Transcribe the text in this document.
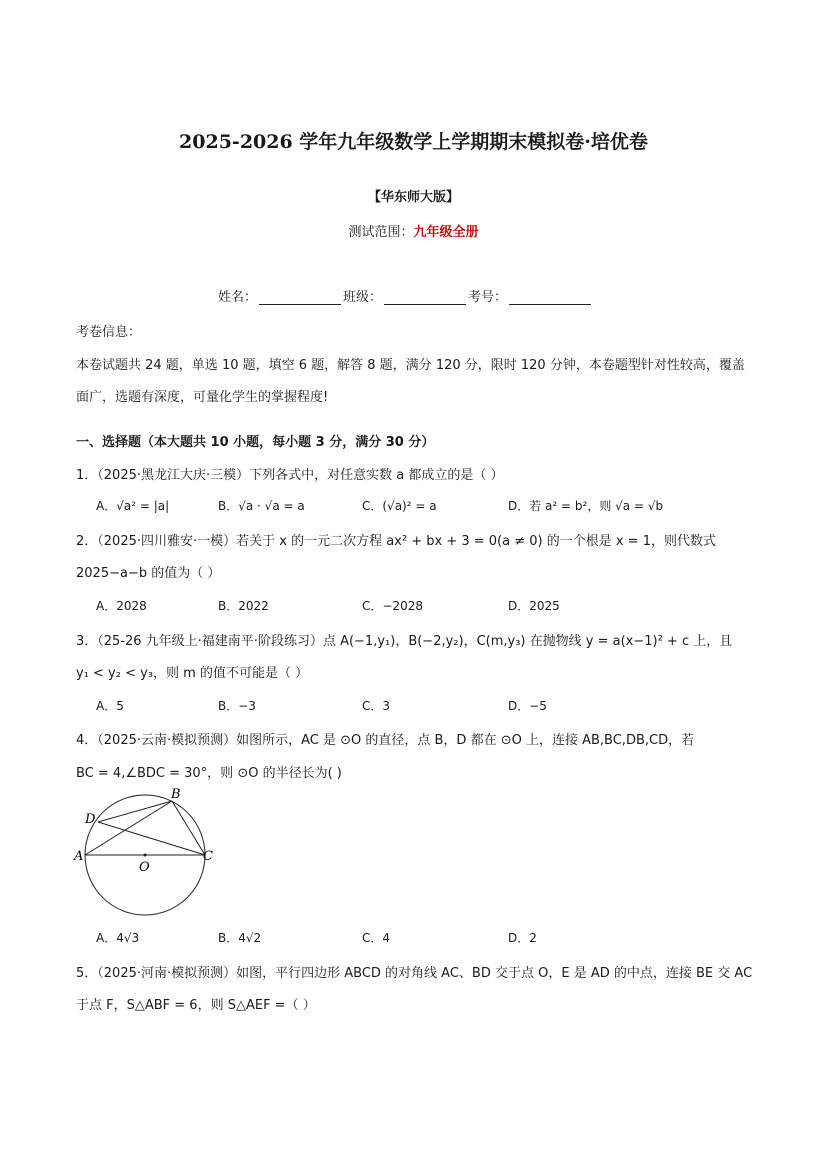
2025-2026 学年九年级数学上学期期末模拟卷·培优卷
【华东师大版】
测试范围：九年级全册
姓名：	班级：	考号：
考卷信息：
本卷试题共 24 题，单选 10 题，填空 6 题，解答 8 题，满分 120 分，限时 120 分钟，本卷题型针对性较高，覆盖
面广，选题有深度，可量化学生的掌握程度!
一、选择题（本大题共 10 小题，每小题 3 分，满分 30 分）
1．（2025·黑龙江大庆·三模）下列各式中，对任意实数 a 都成立的是（ ）
A．√a² = |a|	B．√a · √a = a	C．(√a)² = a	D．若 a² = b²，则 √a = √b
2．（2025·四川雅安·一模）若关于 x 的一元二次方程 ax² + bx + 3 = 0(a ≠ 0) 的一个根是 x = 1，则代数式
2025−a−b 的值为（ ）
A．2028	B．2022	C．−2028	D．2025
3．（25-26 九年级上·福建南平·阶段练习）点 A(−1,y₁)，B(−2,y₂)，C(m,y₃) 在抛物线 y = a(x−1)² + c 上，且
y₁ < y₂ < y₃，则 m 的值不可能是（ ）
A．5	B．−3	C．3	D．−5
4．（2025·云南·模拟预测）如图所示，AC 是 ⊙O 的直径，点 B，D 都在 ⊙O 上，连接 AB,BC,DB,CD，若
BC = 4,∠BDC = 30°，则 ⊙O 的半径长为( )
B
D
A
O
C
A．4√3	B．4√2	C．4	D．2
5．（2025·河南·模拟预测）如图，平行四边形 ABCD 的对角线 AC、BD 交于点 O，E 是 AD 的中点，连接 BE 交 AC
于点 F，S△ABF = 6，则 S△AEF =（ ）
